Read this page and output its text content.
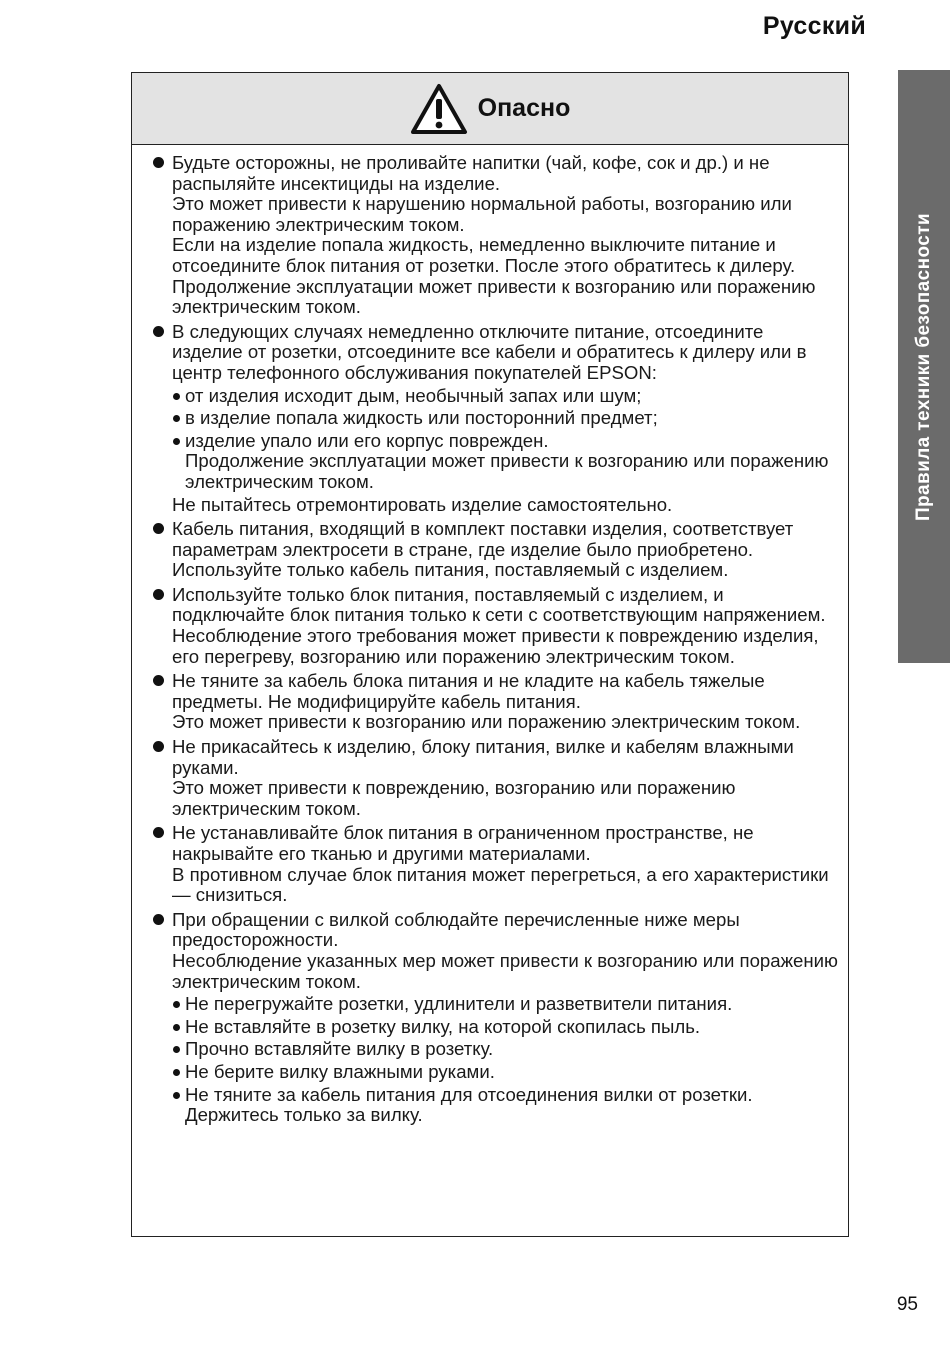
Русский
Правила техники безопасности
Опасно

Будьте осторожны, не проливайте напитки (чай, кофе, сок и др.) и не распыляйте инсектициды на изделие.

Это может привести к нарушению нормальной работы, возгоранию или поражению электрическим током.

Если на изделие попала жидкость, немедленно выключите питание и отсоедините блок питания от розетки. После этого обратитесь к дилеру.

Продолжение эксплуатации может привести к возгоранию или поражению электрическим током.

В следующих случаях немедленно отключите питание, отсоедините изделие от розетки, отсоедините все кабели и обратитесь к дилеру или в центр телефонного обслуживания покупателей EPSON:

от изделия исходит дым, необычный запах или шум;

в изделие попала жидкость или посторонний предмет;

изделие упало или его корпус поврежден.

Продолжение эксплуатации может привести к возгоранию или поражению электрическим током.

Не пытайтесь отремонтировать изделие самостоятельно.

Кабель питания, входящий в комплект поставки изделия, соответствует параметрам электросети в стране, где изделие было приобретено. Используйте только кабель питания, поставляемый с изделием.

Используйте только блок питания, поставляемый с изделием, и подключайте блок питания только к сети с соответствующим напряжением.

Несоблюдение этого требования может привести к повреждению изделия, его перегреву, возгоранию или поражению электрическим током.

Не тяните за кабель блока питания и не кладите на кабель тяжелые предметы. Не модифицируйте кабель питания.

Это может привести к возгоранию или поражению электрическим током.

Не прикасайтесь к изделию, блоку питания, вилке и кабелям влажными руками.

Это может привести к повреждению, возгоранию или поражению электрическим током.

Не устанавливайте блок питания в ограниченном пространстве, не накрывайте его тканью и другими материалами.

В противном случае блок питания может перегреться, а его характеристики — снизиться.

При обращении с вилкой соблюдайте перечисленные ниже меры предосторожности.

Несоблюдение указанных мер может привести к возгоранию или поражению электрическим током.

Не перегружайте розетки, удлинители и разветвители питания.

Не вставляйте в розетку вилку, на которой скопилась пыль.

Прочно вставляйте вилку в розетку.

Не берите вилку влажными руками.

Не тяните за кабель питания для отсоединения вилки от розетки.

Держитесь только за вилку.

95
